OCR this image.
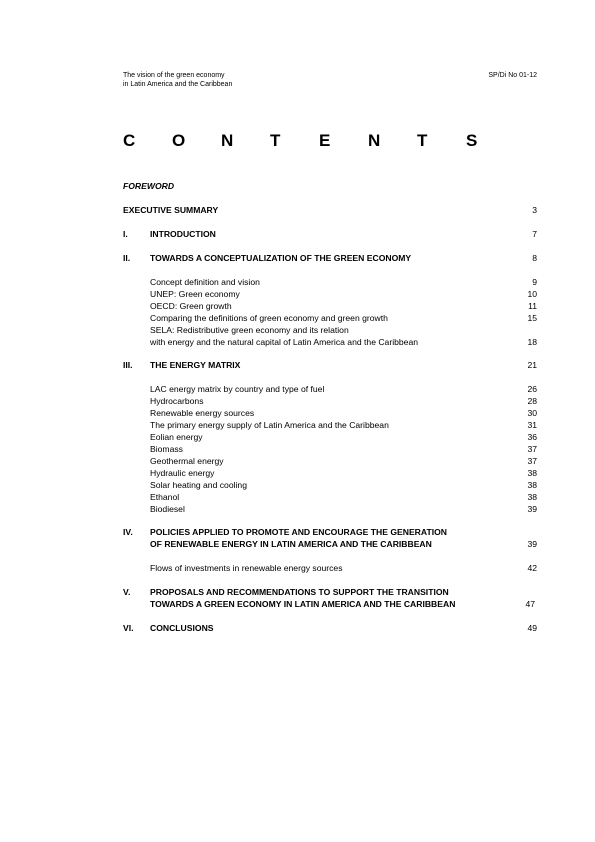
The vision of the green economy
in Latin America and the Caribbean
SP/Di No 01-12
C O N T E N T S
FOREWORD
EXECUTIVE SUMMARY	3
I.	INTRODUCTION	7
II. TOWARDS A CONCEPTUALIZATION OF THE GREEN ECONOMY	8
Concept definition and vision	9
UNEP: Green economy	10
OECD: Green growth	11
Comparing the definitions of green economy and green growth	15
SELA: Redistributive green economy and its relation
with energy and the natural capital of Latin America and the Caribbean	18
III. THE ENERGY MATRIX	21
LAC energy matrix by country and type of fuel	26
Hydrocarbons	28
Renewable energy sources	30
The primary energy supply of Latin America and the Caribbean	31
Eolian energy	36
Biomass	37
Geothermal energy	37
Hydraulic energy	38
Solar heating and cooling	38
Ethanol	38
Biodiesel	39
IV. POLICIES APPLIED TO PROMOTE AND ENCOURAGE THE GENERATION
OF RENEWABLE ENERGY IN LATIN AMERICA AND THE CARIBBEAN	39
Flows of investments in renewable energy sources	42
V. PROPOSALS AND RECOMMENDATIONS TO SUPPORT THE TRANSITION
TOWARDS A GREEN ECONOMY IN LATIN AMERICA AND THE CARIBBEAN	47
VI. CONCLUSIONS	49
